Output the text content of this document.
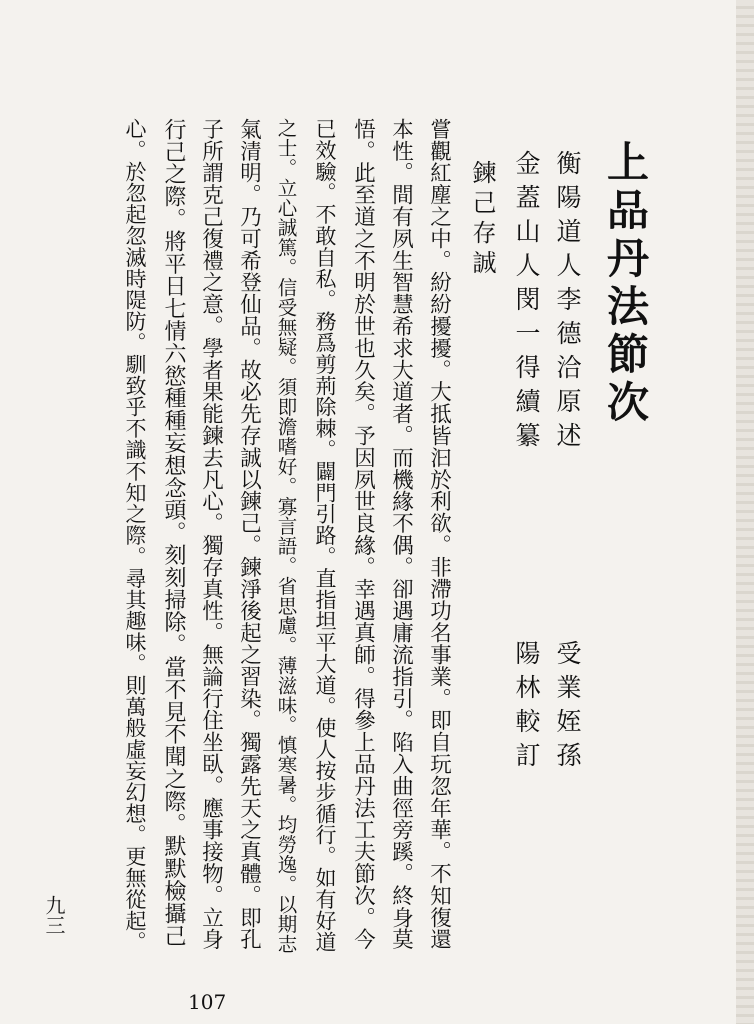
上品丹法節次
衡陽道人李德洽原述
金蓋山人閔一得續纂
受業姪孫
陽林較訂
鍊己存誠
嘗觀紅塵之中。紛紛擾擾。大抵皆汩於利欲。非滯功名事業。即自玩忽年華。不知復還
本性。間有夙生智慧希求大道者。而機緣不偶。卻遇庸流指引。陷入曲徑旁蹊。終身莫
悟。此至道之不明於世也久矣。予因夙世良緣。幸遇真師。得參上品丹法工夫節次。今
已效驗。不敢自私。務爲剪荊除棘。闢門引路。直指坦平大道。使人按步循行。如有好道
之士。立心誠篤。信受無疑。須即澹嗜好。寡言語。省思慮。薄滋味。慎寒暑。均勞逸。以期志
氣清明。乃可希登仙品。故必先存誠以鍊己。鍊淨後起之習染。獨露先天之真體。即孔
子所謂克己復禮之意。學者果能鍊去凡心。獨存真性。無論行住坐臥。應事接物。立身
行己之際。將平日七情六慾種種妄想念頭。刻刻掃除。當不見不聞之際。默默檢攝己
心。於忽起忽滅時隄防。馴致乎不識不知之際。尋其趣味。則萬般虛妄幻想。更無從起。
九三
107
